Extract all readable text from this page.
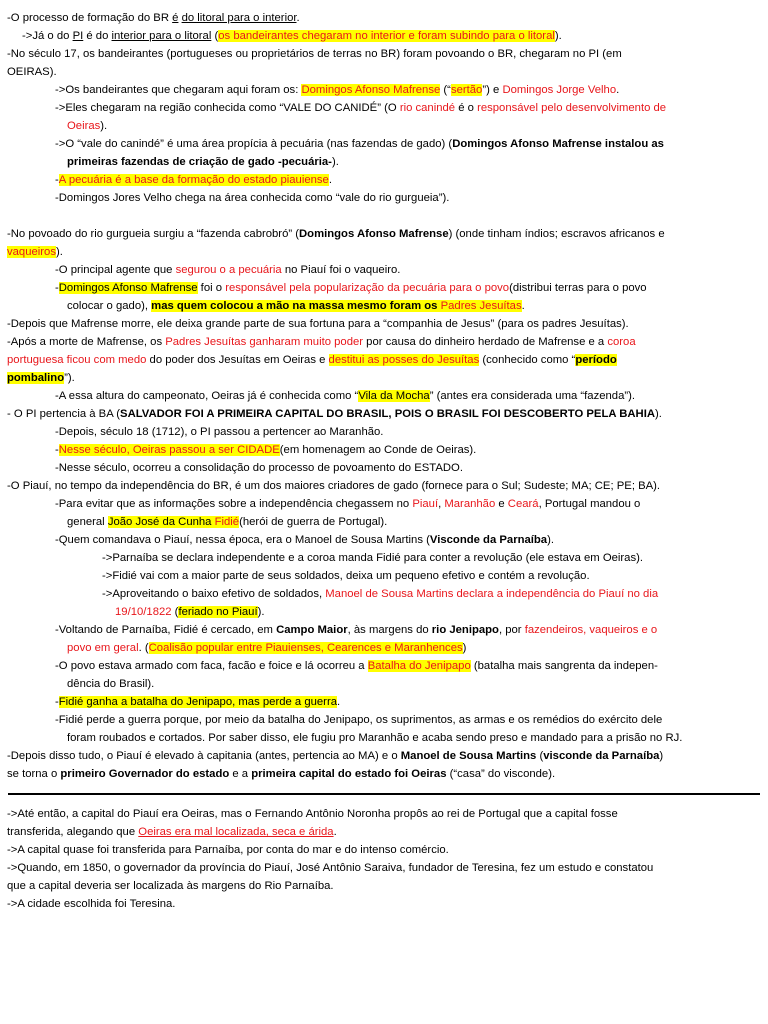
-O processo de formação do BR é do litoral para o interior.
->Já o do PI é do interior para o litoral (os bandeirantes chegaram no interior e foram subindo para o litoral).
-No século 17, os bandeirantes (portugueses ou proprietários de terras no BR) foram povoando o BR, chegaram no PI (em
OEIRAS).
->Os bandeirantes que chegaram aqui foram os: Domingos Afonso Mafrense (“sertão”) e Domingos Jorge Velho.
->Eles chegaram na região conhecida como “VALE DO CANIDÉ” (O rio canindé é o responsável pelo desenvolvimento de
Oeiras).
->O “vale do canindé” é uma área propícia à pecuária (nas fazendas de gado) (Domingos Afonso Mafrense instalou as
primeiras fazendas de criação de gado -pecuária-).
-A pecuária é a base da formação do estado piauiense.
-Domingos Jores Velho chega na área conhecida como “vale do rio gurgueia”).
-No povoado do rio gurgueia surgiu a “fazenda cabrobró” (Domingos Afonso Mafrense) (onde tinham índios; escravos africanos e
vaqueiros).
-O principal agente que segurou o a pecuária no Piauí foi o vaqueiro.
-Domingos Afonso Mafrense foi o responsável pela popularização da pecuária para o povo(distribui terras para o povo
colocar o gado), mas quem colocou a mão na massa mesmo foram os Padres Jesuítas.
-Depois que Mafrense morre, ele deixa grande parte de sua fortuna para a “companhia de Jesus” (para os padres Jesuítas).
-Após a morte de Mafrense, os Padres Jesuítas ganharam muito poder por causa do dinheiro herdado de Mafrense e a coroa
portuguesa ficou com medo do poder dos Jesuítas em Oeiras e destitui as posses do Jesuítas (conhecido como “período
pombalino”).
-A essa altura do campeonato, Oeiras já é conhecida como “Vila da Mocha” (antes era considerada uma “fazenda”).
- O PI pertencia à BA (SALVADOR FOI A PRIMEIRA CAPITAL DO BRASIL, POIS O BRASIL FOI DESCOBERTO PELA BAHIA).
-Depois, século 18 (1712), o PI passou a pertencer ao Maranhão.
-Nesse século, Oeiras passou a ser CIDADE(em homenagem ao Conde de Oeiras).
-Nesse século, ocorreu a consolidação do processo de povoamento do ESTADO.
-O Piauí, no tempo da independência do BR, é um dos maiores criadores de gado (fornece para o Sul; Sudeste; MA; CE; PE; BA).
-Para evitar que as informações sobre a independência chegassem no Piauí, Maranhão e Ceará, Portugal mandou o
general João José da Cunha Fidié(herói de guerra de Portugal).
-Quem comandava o Piauí, nessa época, era o Manoel de Sousa Martins (Visconde da Parnaíba).
->Parnaíba se declara independente e a coroa manda Fidié para conter a revolução (ele estava em Oeiras).
->Fidié vai com a maior parte de seus soldados, deixa um pequeno efetivo e contém a revolução.
->Aproveitando o baixo efetivo de soldados, Manoel de Sousa Martins declara a independência do Piauí no dia
19/10/1822 (feriado no Piauí).
-Voltando de Parnaíba, Fidié é cercado, em Campo Maior, às margens do rio Jenipapo, por fazendeiros, vaqueiros e o
povo em geral. (Coalisão popular entre Piauienses, Cearences e Maranhences)
-O povo estava armado com faca, facão e foice e lá ocorreu a Batalha do Jenipapo (batalha mais sangrenta da indepen-
dência do Brasil).
-Fidié ganha a batalha do Jenipapo, mas perde a guerra.
-Fidié perde a guerra porque, por meio da batalha do Jenipapo, os suprimentos, as armas e os remédios do exército dele
foram roubados e cortados. Por saber disso, ele fugiu pro Maranhão e acaba sendo preso e mandado para a prisão no RJ.
-Depois disso tudo, o Piauí é elevado à capitania (antes, pertencia ao MA) e o Manoel de Sousa Martins (visconde da Parnaíba)
se torna o primeiro Governador do estado e a primeira capital do estado foi Oeiras (“casa” do visconde).
->Até então, a capital do Piauí era Oeiras, mas o Fernando Antônio Noronha propôs ao rei de Portugal que a capital fosse
transferida, alegando que Oeiras era mal localizada, seca e árida.
->A capital quase foi transferida para Parnaíba, por conta do mar e do intenso comércio.
->Quando, em 1850, o governador da província do Piauí, José Antônio Saraiva, fundador de Teresina, fez um estudo e constatou
que a capital deveria ser localizada às margens do Rio Parnaíba.
->A cidade escolhida foi Teresina.
